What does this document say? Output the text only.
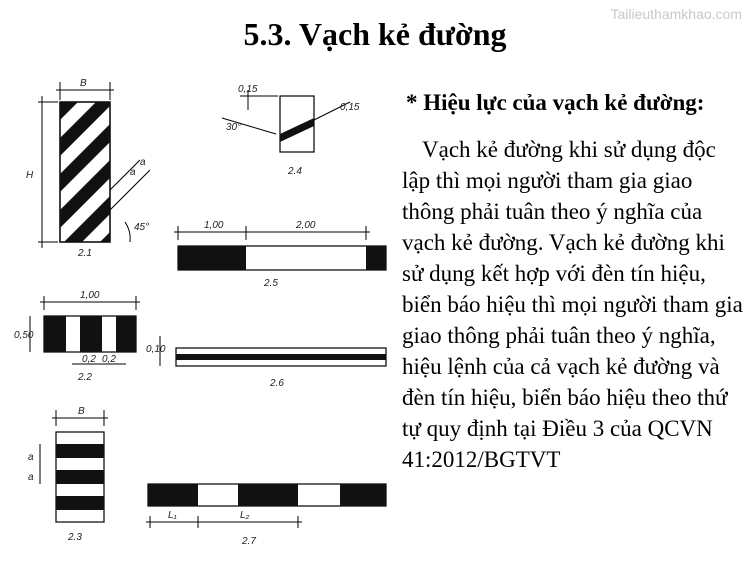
Tailieuthamkhao.com
5.3. Vạch kẻ đường
B
H	a
a
45°
2.1
0,15
30°
0,15
2.4
1,00	2,00
2.5
1,00
0,50
0,2 0,2
2.2
0,10
2.6
B
a
a
2.3
L₁	L₂
2.7
* Hiệu lực của vạch kẻ đường:

Vạch kẻ đường khi sử dụng độc lập thì mọi người tham gia giao thông phải tuân theo ý nghĩa của vạch kẻ đường. Vạch kẻ đường khi sử dụng kết hợp với đèn tín hiệu, biển báo hiệu thì mọi người tham gia giao thông phải tuân theo ý nghĩa, hiệu lệnh của cả vạch kẻ đường và đèn tín hiệu, biển báo hiệu theo thứ tự quy định tại Điều 3 của QCVN 41:2012/BGTVT
